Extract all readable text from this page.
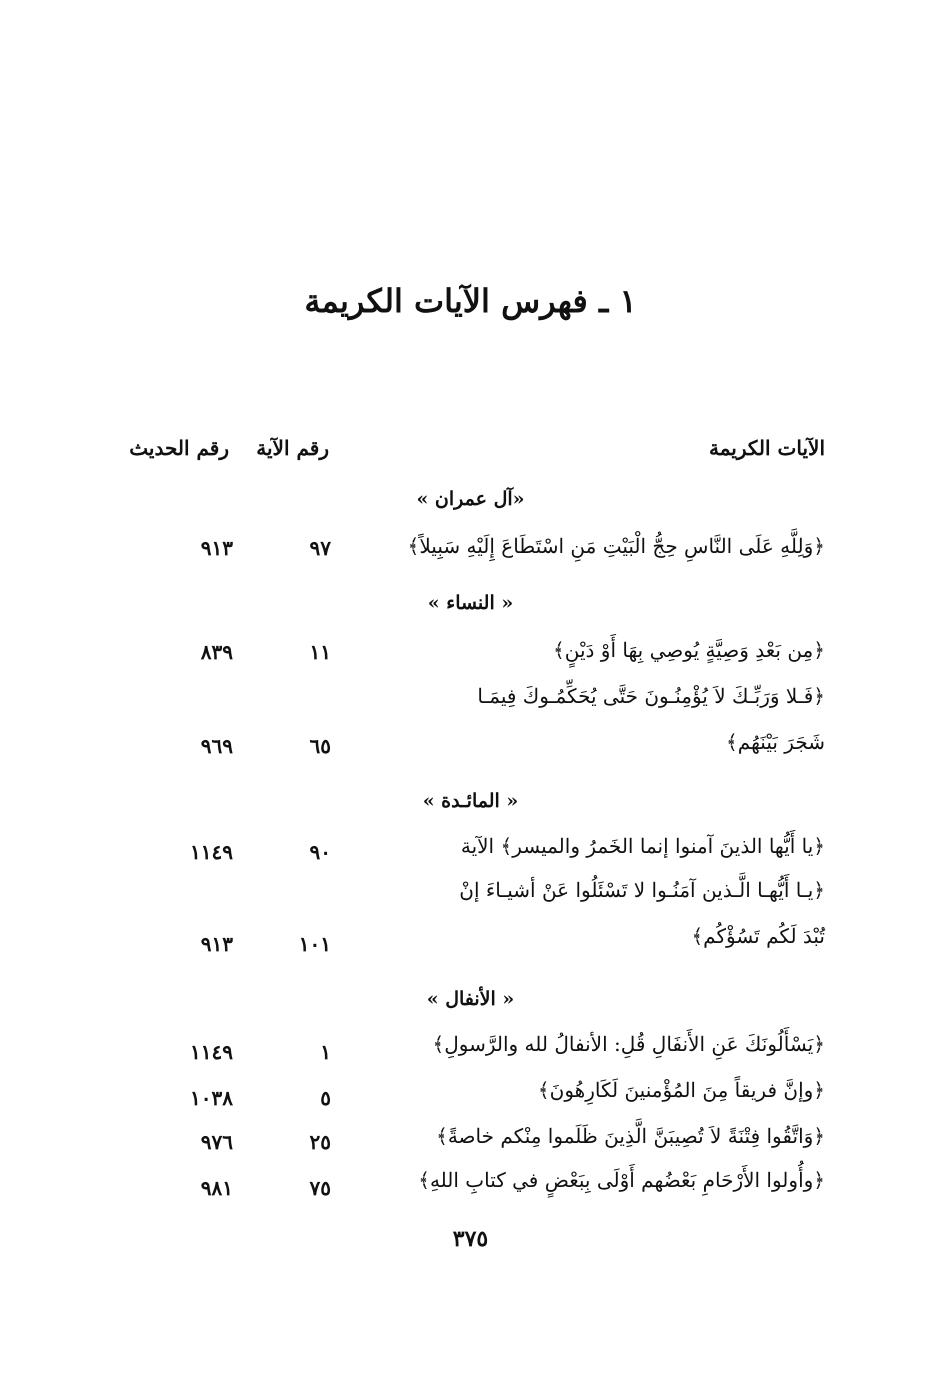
١ ـ فهرس الآيات الكريمة
الآيات الكريمة
رقم الآية
رقم الحديث
«آل عمران »
﴿وَلِلَّهِ عَلَى النَّاسِ حِجُّ الْبَيْتِ مَنِ اسْتَطَاعَ إِلَيْهِ سَبِيلاً﴾
٩٧
٩١٣
« النساء »
﴿مِن بَعْدِ وَصِيَّةٍ يُوصِي بِهَا أَوْ دَيْنٍ﴾
١١
٨٣٩
﴿فَـلا وَرَبِّـكَ لاَ يُؤْمِنُـونَ حَتَّى يُحَكِّمُـوكَ فِيمَـا
شَجَرَ بَيْنَهُم﴾
٦٥
٩٦٩
« المائـدة »
﴿يا أَيُّها الذينَ آمنوا إنما الخَمرُ والميسر﴾ الآية
٩٠
١١٤٩
﴿يـا أَيُّهـا الَّـذين آمَنُـوا لا تَسْئَلُوا عَنْ أشيـاءَ إنْ
تُبْدَ لَكُم تَسُؤْكُم﴾
١٠١
٩١٣
« الأنفال »
﴿يَسْأَلُونَكَ عَنِ الأَنفَالِ قُلِ: الأنفالُ لله والرَّسولِ﴾
١
١١٤٩
﴿وإنَّ فريقاً مِنَ المُؤْمنينَ لَكَارِهُونَ﴾
٥
١٠٣٨
﴿وَاتَّقُوا فِتْنَةً لاَ تُصِيبَنَّ الَّذِينَ ظَلَموا مِنْكم خاصةً﴾
٢٥
٩٧٦
﴿وأُولوا الأَرْحَامِ بَعْضُهم أَوْلَى بِبَعْضٍ في كتابِ اللهِ﴾
٧٥
٩٨١
٣٧٥
